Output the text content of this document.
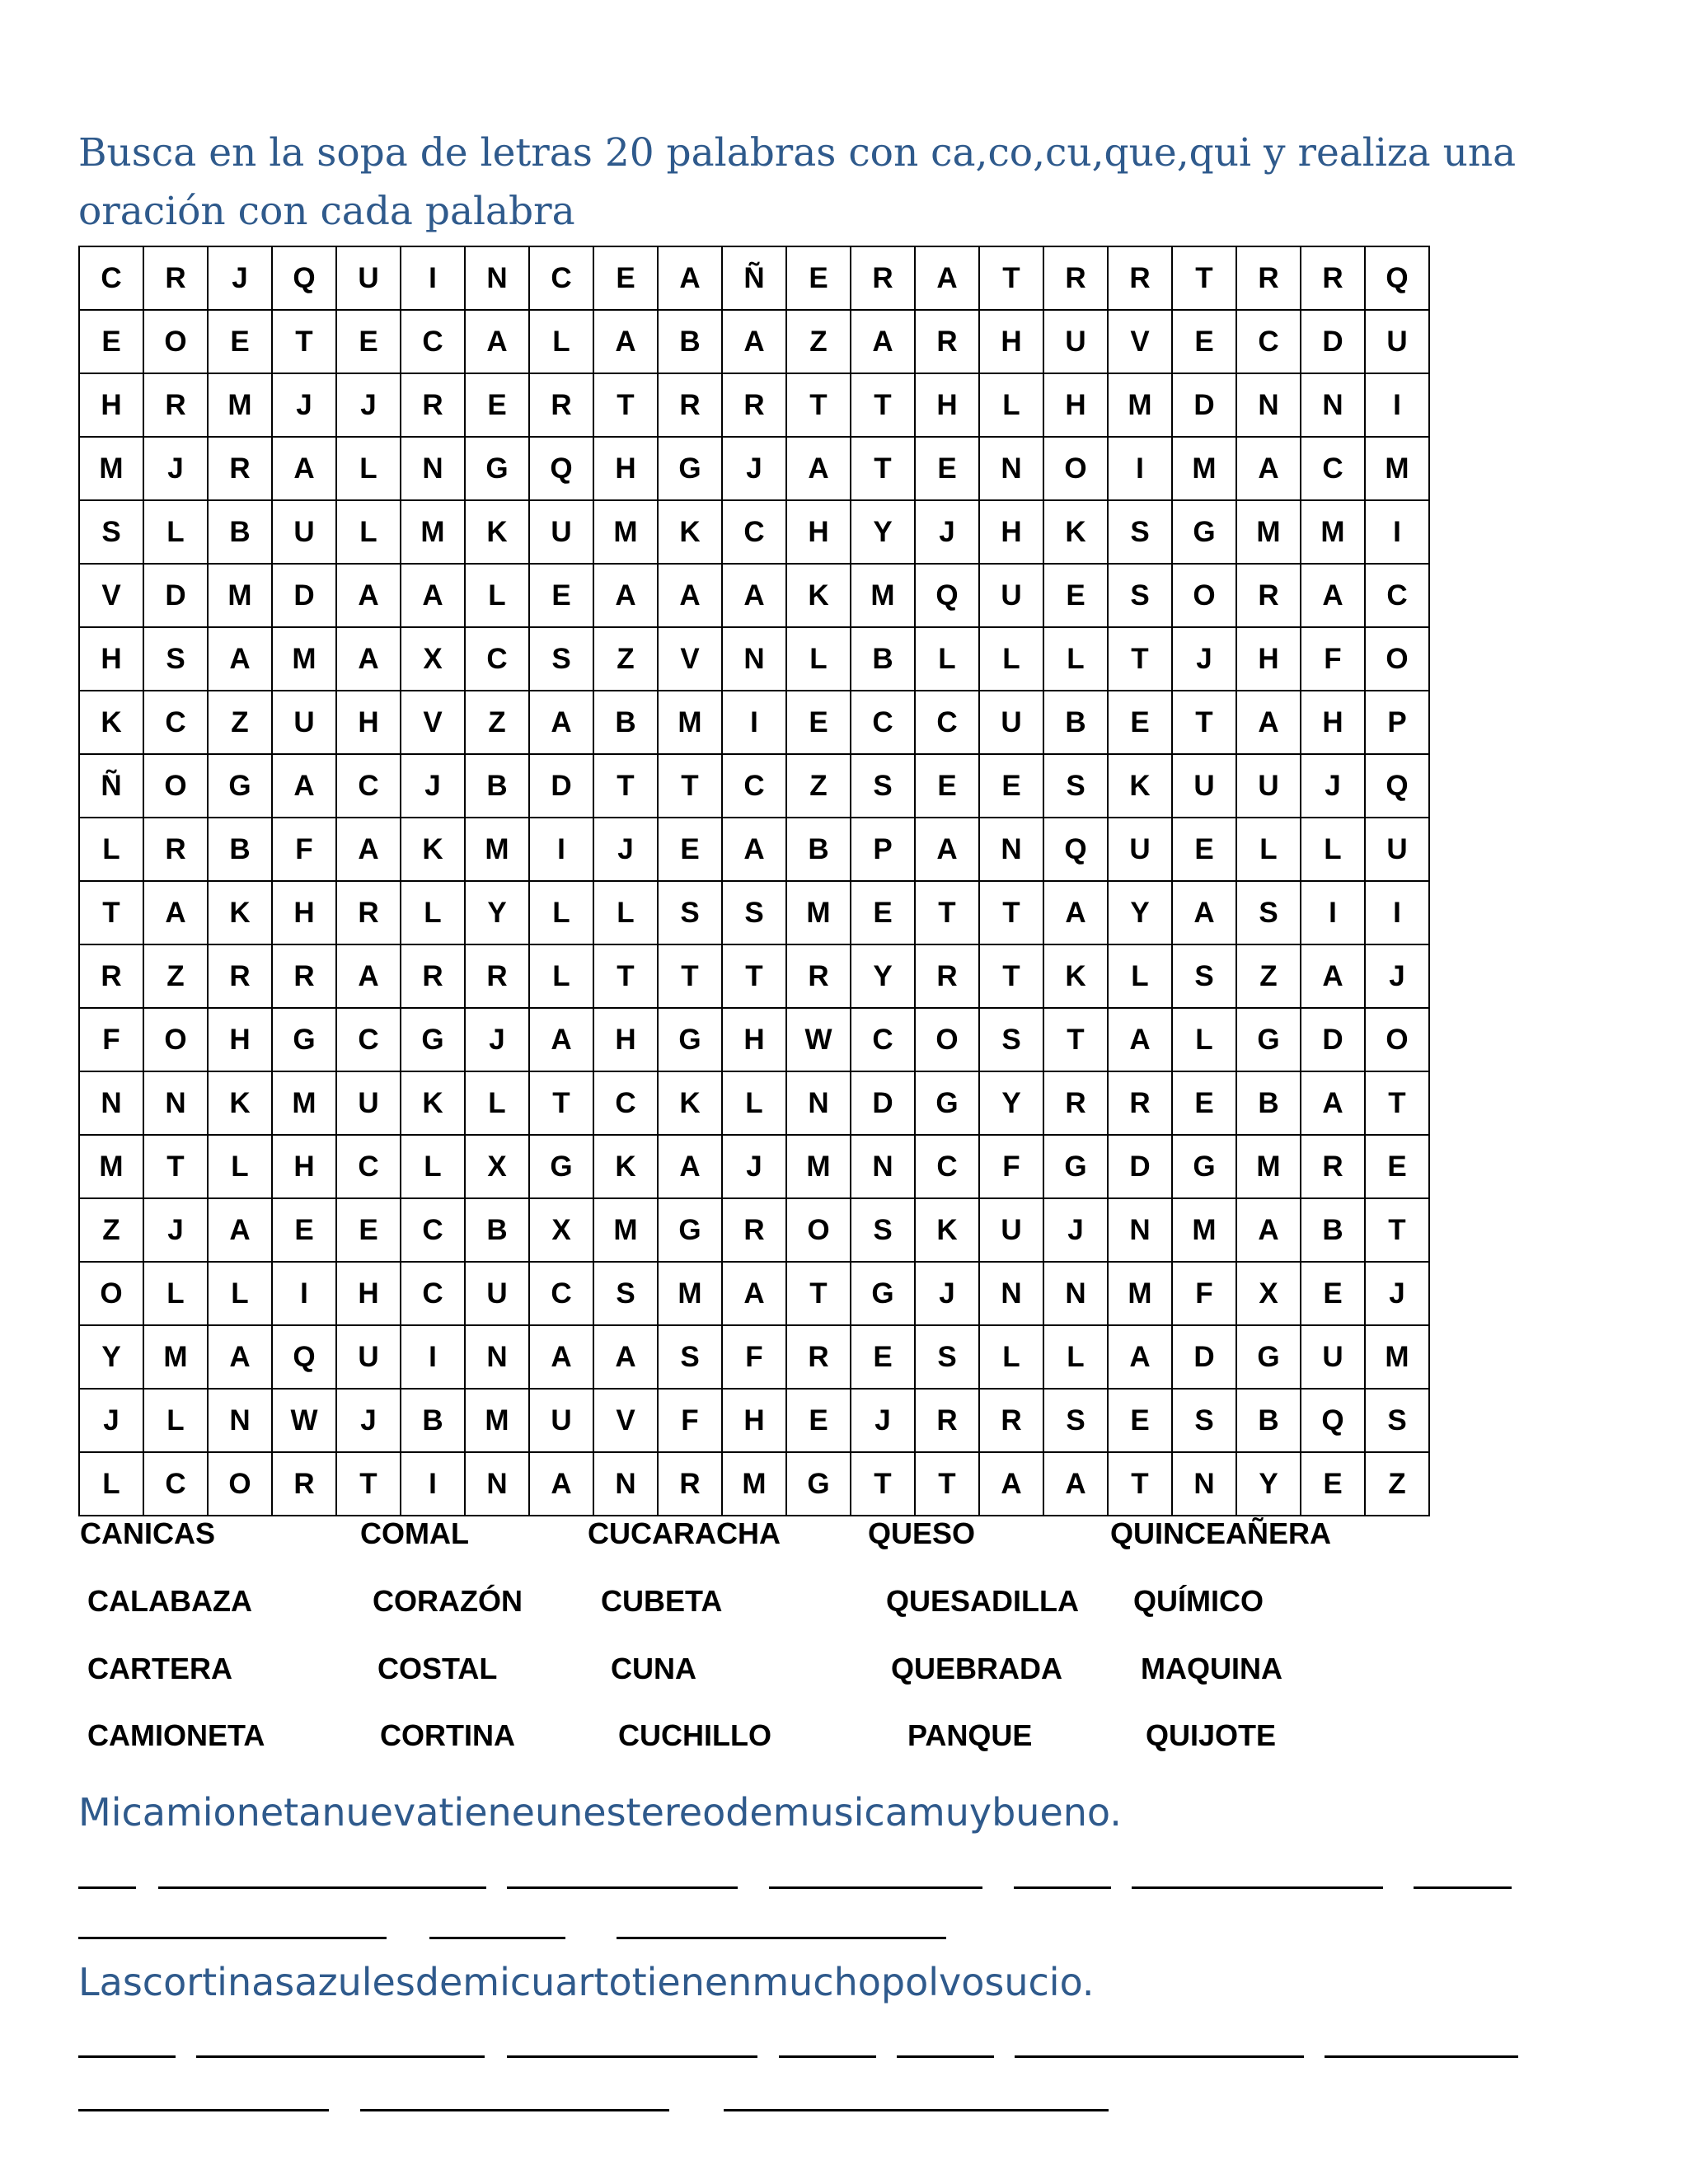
Busca en la sopa de letras 20 palabras con ca,co,cu,que,qui y realiza una oración con cada palabra
C	R	J	Q	U	I	N	C	E	A	Ñ	E	R	A	T	R	R	T	R	R	Q
E	O	E	T	E	C	A	L	A	B	A	Z	A	R	H	U	V	E	C	D	U
H	R	M	J	J	R	E	R	T	R	R	T	T	H	L	H	M	D	N	N	I
M	J	R	A	L	N	G	Q	H	G	J	A	T	E	N	O	I	M	A	C	M
S	L	B	U	L	M	K	U	M	K	C	H	Y	J	H	K	S	G	M	M	I
V	D	M	D	A	A	L	E	A	A	A	K	M	Q	U	E	S	O	R	A	C
H	S	A	M	A	X	C	S	Z	V	N	L	B	L	L	L	T	J	H	F	O
K	C	Z	U	H	V	Z	A	B	M	I	E	C	C	U	B	E	T	A	H	P
Ñ	O	G	A	C	J	B	D	T	T	C	Z	S	E	E	S	K	U	U	J	Q
L	R	B	F	A	K	M	I	J	E	A	B	P	A	N	Q	U	E	L	L	U
T	A	K	H	R	L	Y	L	L	S	S	M	E	T	T	A	Y	A	S	I	I
R	Z	R	R	A	R	R	L	T	T	T	R	Y	R	T	K	L	S	Z	A	J
F	O	H	G	C	G	J	A	H	G	H	W	C	O	S	T	A	L	G	D	O
N	N	K	M	U	K	L	T	C	K	L	N	D	G	Y	R	R	E	B	A	T
M	T	L	H	C	L	X	G	K	A	J	M	N	C	F	G	D	G	M	R	E
Z	J	A	E	E	C	B	X	M	G	R	O	S	K	U	J	N	M	A	B	T
O	L	L	I	H	C	U	C	S	M	A	T	G	J	N	N	M	F	X	E	J
Y	M	A	Q	U	I	N	A	A	S	F	R	E	S	L	L	A	D	G	U	M
J	L	N	W	J	B	M	U	V	F	H	E	J	R	R	S	E	S	B	Q	S
L	C	O	R	T	I	N	A	N	R	M	G	T	T	A	A	T	N	Y	E	Z
CANICAS	COMAL	CUCARACHA	QUESO	QUINCEAÑERA
CALABAZA	CORAZÓN	CUBETA	QUESADILLA QUÍMICO
CARTERA	COSTAL	CUNA	QUEBRADA	MAQUINA
CAMIONETA	CORTINA	CUCHILLO	PANQUE	QUIJOTE
Micamionetanuevatieneunestereodemusicamuybueno.
Lascortinasazulesdemicuartotienenmuchopolvosucio.
